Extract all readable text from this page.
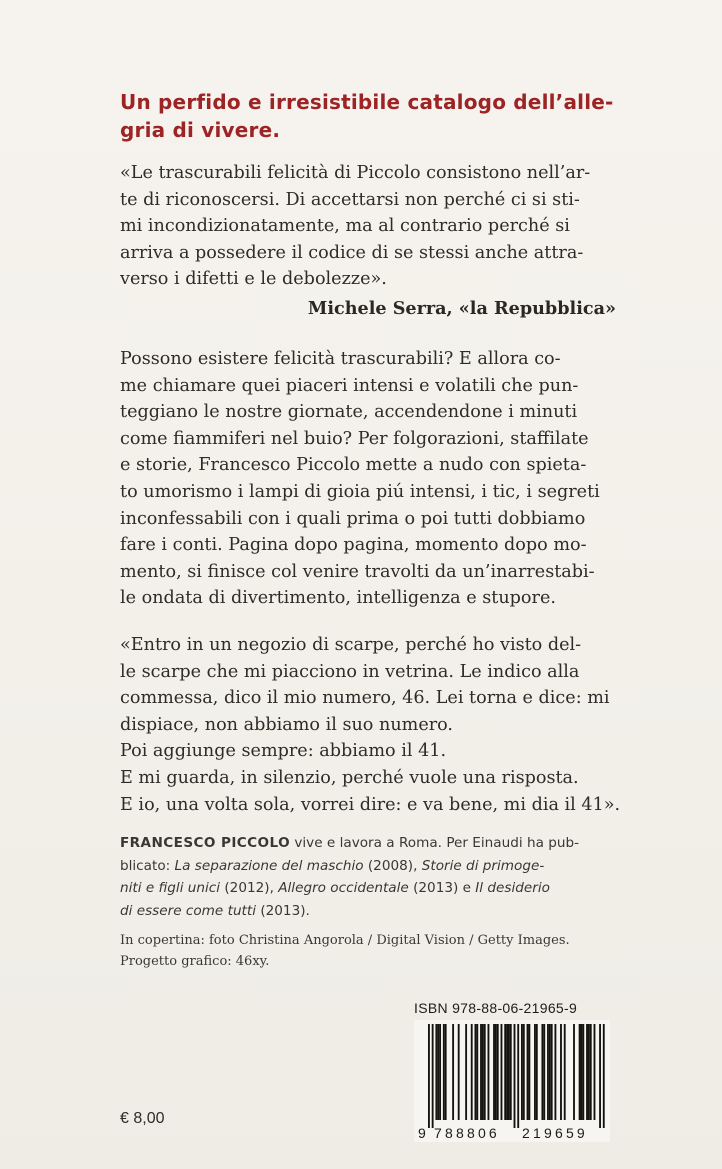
Un perfido e irresistibile catalogo dell’alle-
gria di vivere.
«Le trascurabili felicità di Piccolo consistono nell’ar-
te di riconoscersi. Di accettarsi non perché ci si sti-
mi incondizionatamente, ma al contrario perché si
arriva a possedere il codice di se stessi anche attra-
verso i difetti e le debolezze».
Michele Serra, «la Repubblica»
Possono esistere felicità trascurabili? E allora co-
me chiamare quei piaceri intensi e volatili che pun-
teggiano le nostre giornate, accendendone i minuti
come fiammiferi nel buio? Per folgorazioni, staffilate
e storie, Francesco Piccolo mette a nudo con spieta-
to umorismo i lampi di gioia piú intensi, i tic, i segreti
inconfessabili con i quali prima o poi tutti dobbiamo
fare i conti. Pagina dopo pagina, momento dopo mo-
mento, si finisce col venire travolti da un’inarrestabi-
le ondata di divertimento, intelligenza e stupore.
«Entro in un negozio di scarpe, perché ho visto del-
le scarpe che mi piacciono in vetrina. Le indico alla
commessa, dico il mio numero, 46. Lei torna e dice: mi
dispiace, non abbiamo il suo numero.
Poi aggiunge sempre: abbiamo il 41.
E mi guarda, in silenzio, perché vuole una risposta.
E io, una volta sola, vorrei dire: e va bene, mi dia il 41».
FRANCESCO PICCOLO vive e lavora a Roma. Per Einaudi ha pub-
blicato: La separazione del maschio (2008), Storie di primoge-
niti e figli unici (2012), Allegro occidentale (2013) e Il desiderio
di essere come tutti (2013).
In copertina: foto Christina Angorola / Digital Vision / Getty Images.
Progetto grafico: 46xy.
ISBN 978-88-06-21965-9
9 788806 219659
€ 8,00
